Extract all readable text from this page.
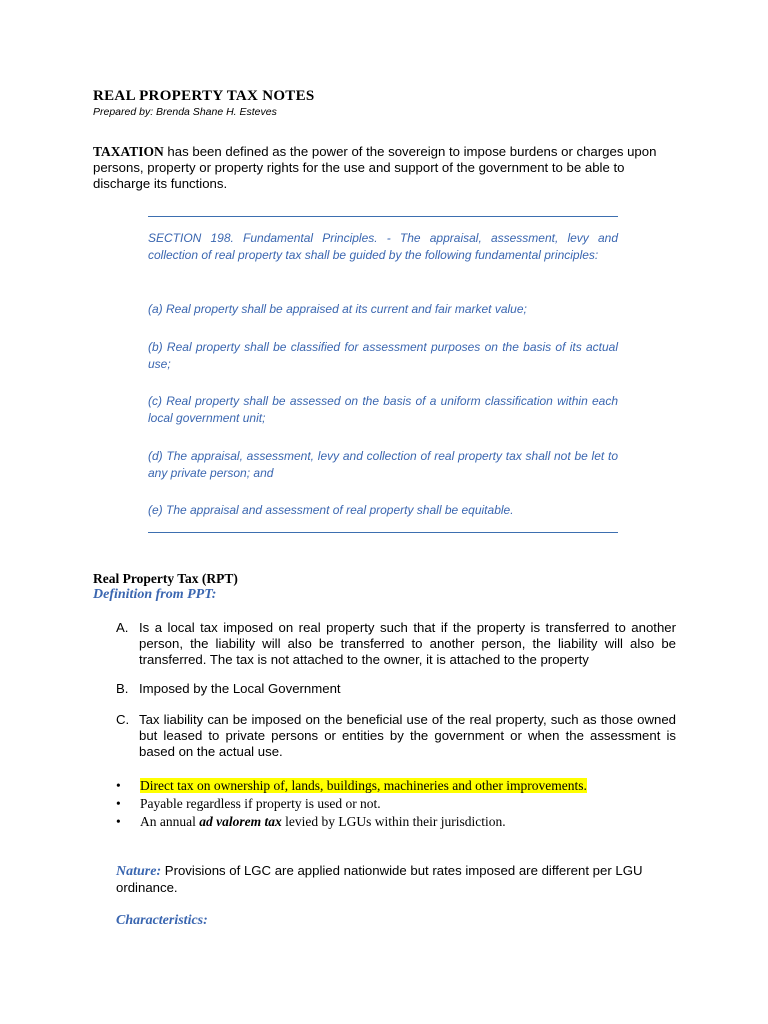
REAL PROPERTY TAX NOTES
Prepared by: Brenda Shane H. Esteves
TAXATION has been defined as the power of the sovereign to impose burdens or charges upon persons, property or property rights for the use and support of the government to be able to discharge its functions.

SECTION 198. Fundamental Principles. - The appraisal, assessment, levy and collection of real property tax shall be guided by the following fundamental principles:

(a) Real property shall be appraised at its current and fair market value;

(b) Real property shall be classified for assessment purposes on the basis of its actual use;

(c) Real property shall be assessed on the basis of a uniform classification within each local government unit;

(d) The appraisal, assessment, levy and collection of real property tax shall not be let to any private person; and

(e) The appraisal and assessment of real property shall be equitable.

Real Property Tax (RPT)
Definition from PPT:
A. Is a local tax imposed on real property such that if the property is transferred to another person, the liability will also be transferred to another person, the liability will also be transferred. The tax is not attached to the owner, it is attached to the property
B. Imposed by the Local Government
C. Tax liability can be imposed on the beneficial use of the real property, such as those owned but leased to private persons or entities by the government or when the assessment is based on the actual use.
• Direct tax on ownership of, lands, buildings, machineries and other improvements.
• Payable regardless if property is used or not.
• An annual ad valorem tax levied by LGUs within their jurisdiction.
Nature: Provisions of LGC are applied nationwide but rates imposed are different per LGU ordinance.
Characteristics:
